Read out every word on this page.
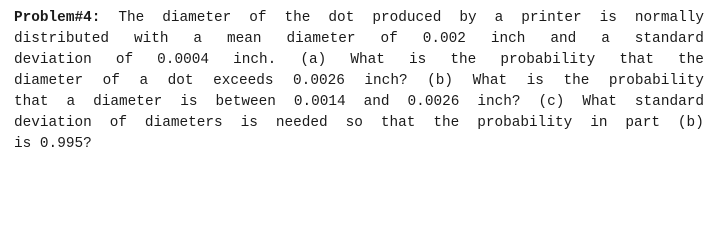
Problem#4: The diameter of the dot produced by a printer is normally
distributed with a mean diameter of 0.002 inch and a standard
deviation of 0.0004 inch. (a) What is the probability that the
diameter of a dot exceeds 0.0026 inch? (b) What is the probability
that a diameter is between 0.0014 and 0.0026 inch? (c) What standard
deviation of diameters is needed so that the probability in part (b)
is 0.995?
